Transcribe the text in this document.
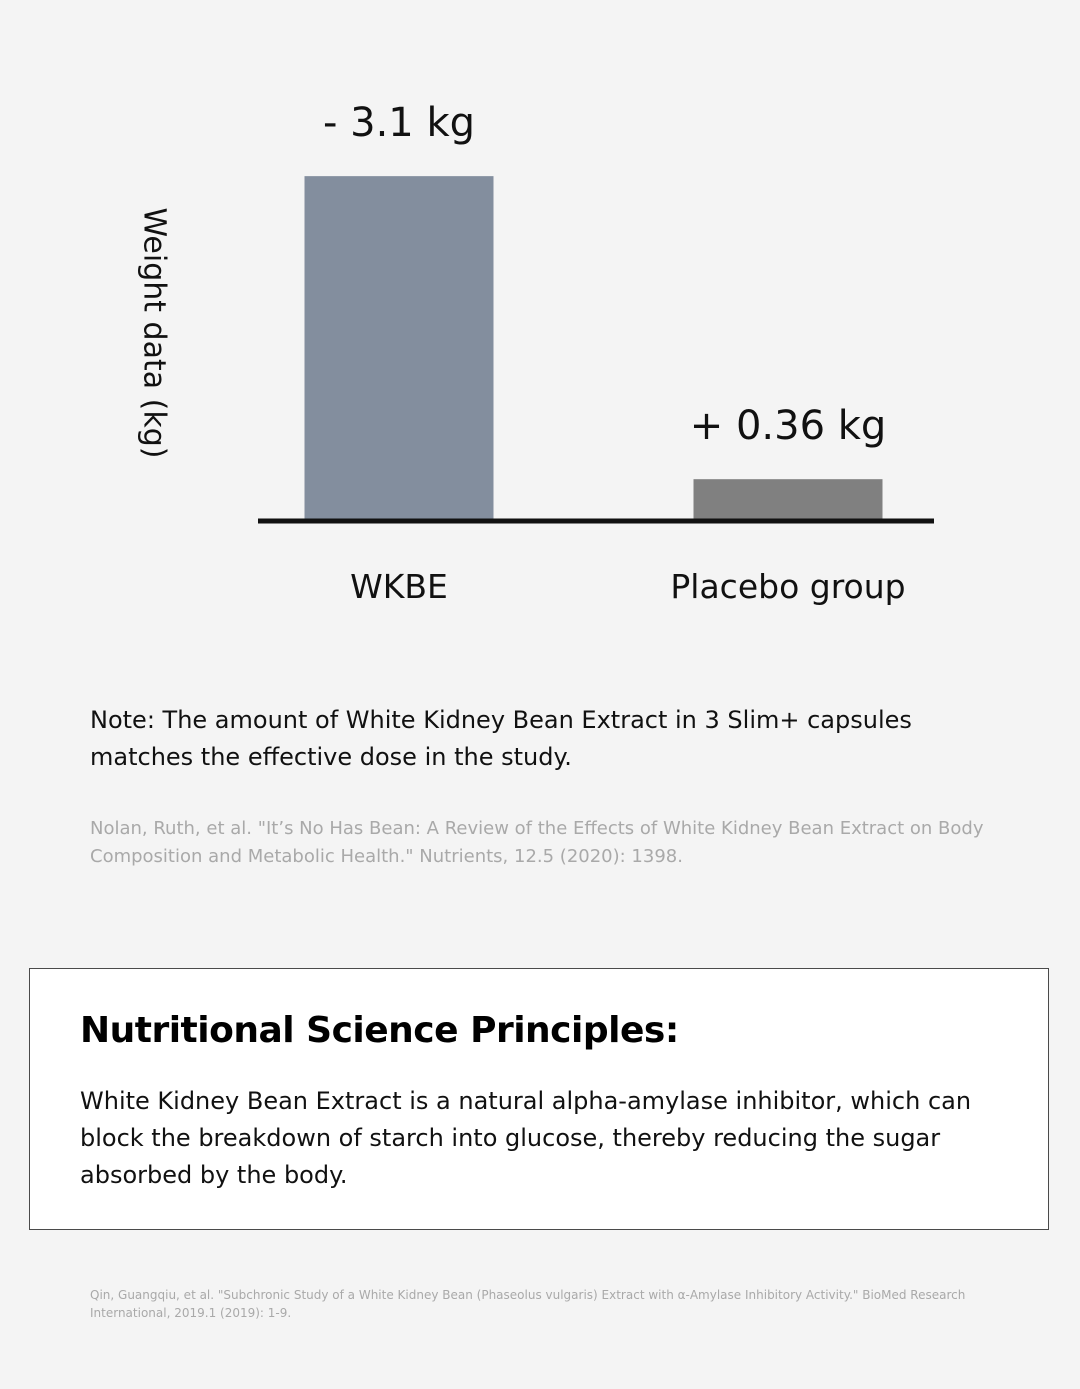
- 3.1 kg
WKBE
+ 0.36 kg
Placebo group
Weight data (kg)
Note: The amount of White Kidney Bean Extract in 3 Slim+ capsules matches the effective dose in the study.
Nolan, Ruth, et al. "It’s No Has Bean: A Review of the Effects of White Kidney Bean Extract on Body Composition and Metabolic Health." Nutrients, 12.5 (2020): 1398.
Nutritional Science Principles:
White Kidney Bean Extract is a natural alpha-amylase inhibitor, which can block the breakdown of starch into glucose, thereby reducing the sugar absorbed by the body.
Qin, Guangqiu, et al. "Subchronic Study of a White Kidney Bean (Phaseolus vulgaris) Extract with α-Amylase Inhibitory Activity." BioMed Research International, 2019.1 (2019): 1-9.
